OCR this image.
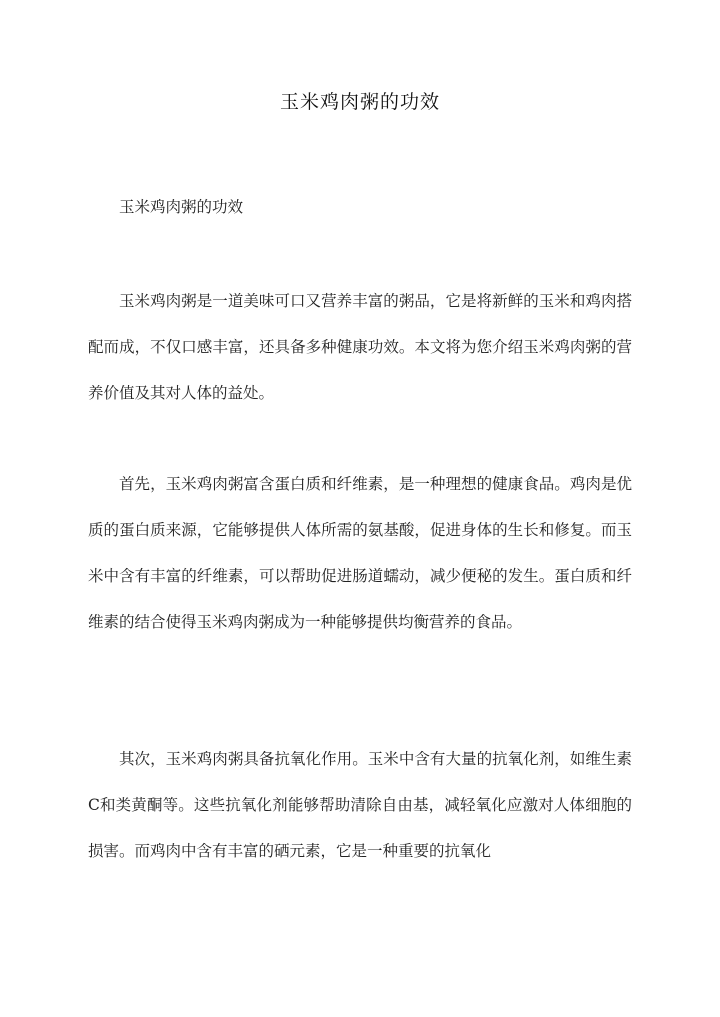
玉米鸡肉粥的功效

玉米鸡肉粥的功效

玉米鸡肉粥是一道美味可口又营养丰富的粥品，它是将新鲜的玉米和鸡肉搭配而成，不仅口感丰富，还具备多种健康功效。本文将为您介绍玉米鸡肉粥的营养价值及其对人体的益处。

首先，玉米鸡肉粥富含蛋白质和纤维素，是一种理想的健康食品。鸡肉是优质的蛋白质来源，它能够提供人体所需的氨基酸，促进身体的生长和修复。而玉米中含有丰富的纤维素，可以帮助促进肠道蠕动，减少便秘的发生。蛋白质和纤维素的结合使得玉米鸡肉粥成为一种能够提供均衡营养的食品。

其次，玉米鸡肉粥具备抗氧化作用。玉米中含有大量的抗氧化剂，如维生素C和类黄酮等。这些抗氧化剂能够帮助清除自由基，减轻氧化应激对人体细胞的损害。而鸡肉中含有丰富的硒元素，它是一种重要的抗氧化
